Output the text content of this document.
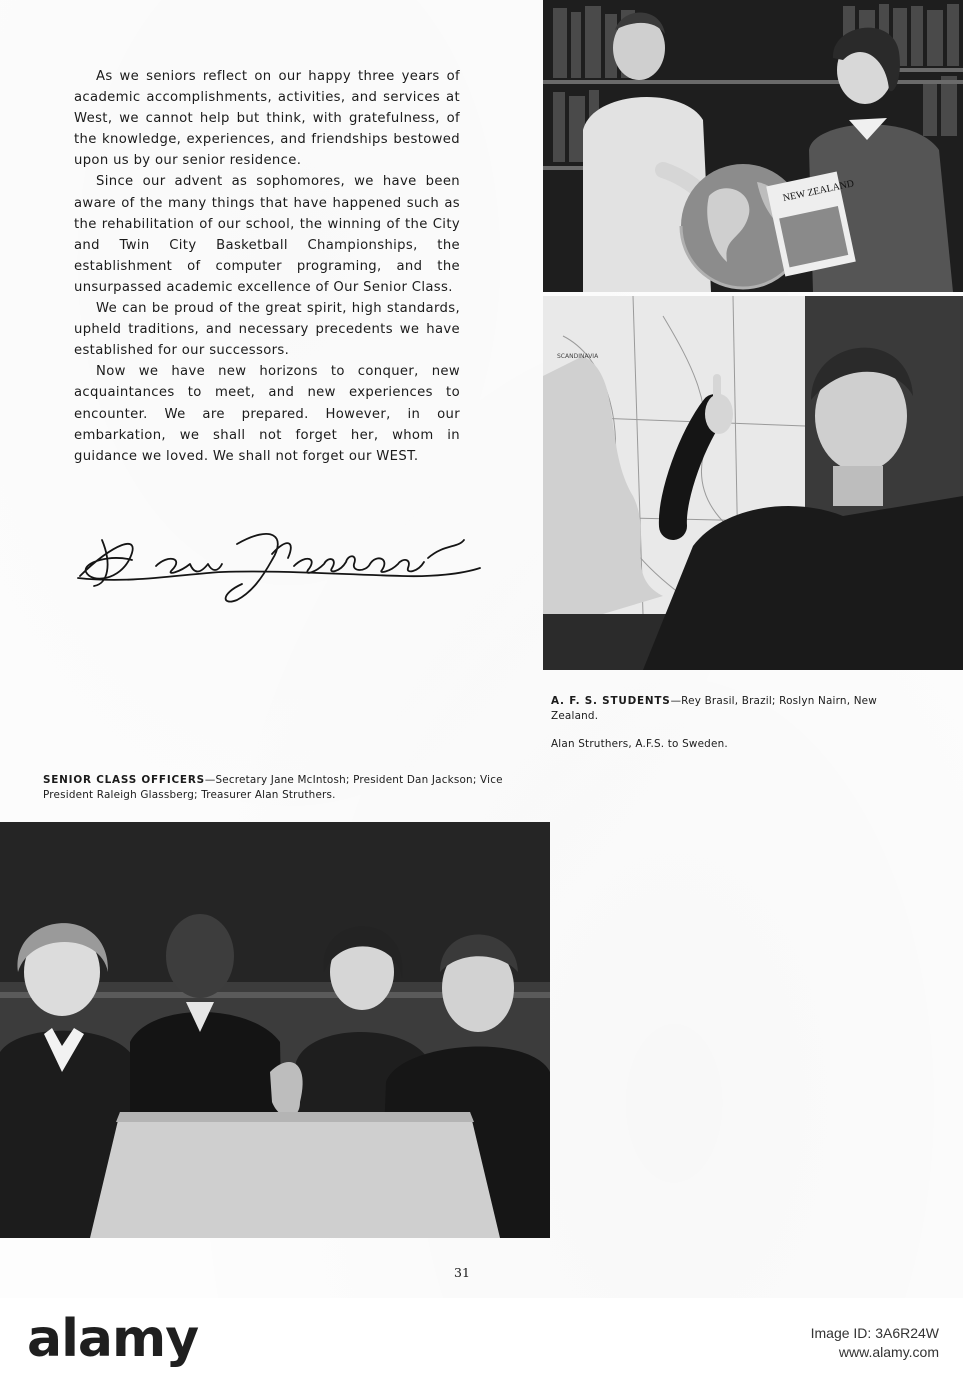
As we seniors reflect on our happy three years of academic accomplishments, activities, and services at West, we cannot help but think, with gratefulness, of the knowledge, experiences, and friendships bestowed upon us by our senior residence.

Since our advent as sophomores, we have been aware of the many things that have happened such as the rehabilitation of our school, the winning of the City and Twin City Basketball Championships, the establishment of computer programing, and the unsurpassed academic excellence of Our Senior Class.

We can be proud of the great spirit, high standards, upheld traditions, and necessary precedents we have established for our successors.

Now we have new horizons to conquer, new acquaintances to meet, and new experiences to encounter. We are prepared. However, in our embarkation, we shall not forget her, whom in guidance we loved. We shall not forget our WEST.

NEW ZEALAND
SCANDINAVIA
A. F. S. STUDENTS—Rey Brasil, Brazil; Roslyn Nairn, New Zealand.
Alan Struthers, A.F.S. to Sweden.
SENIOR CLASS OFFICERS—Secretary Jane McIntosh; President Dan Jackson; Vice President Raleigh Glassberg; Treasurer Alan Struthers.
31
alamy	Image ID: 3A6R24W
www.alamy.com
